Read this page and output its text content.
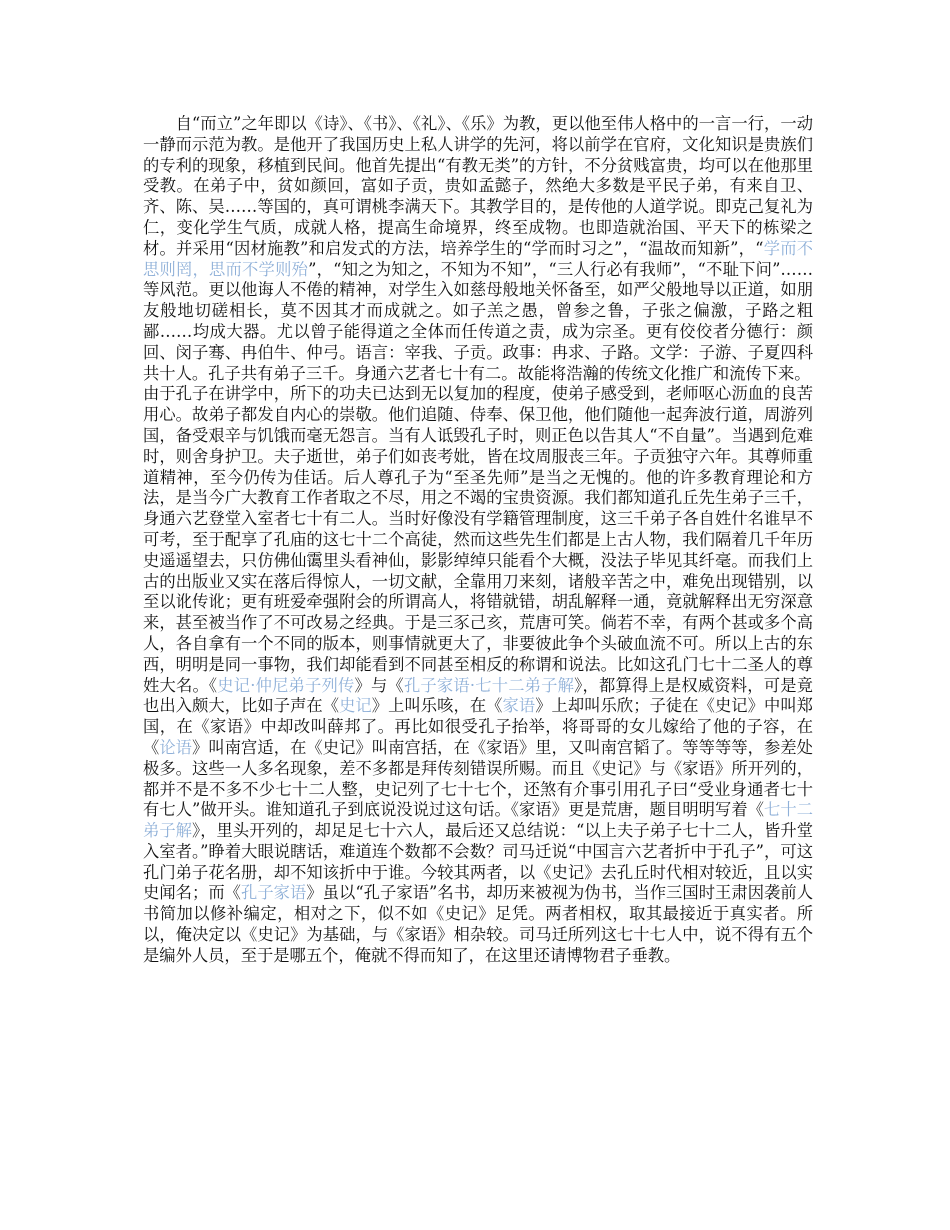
自“而立”之年即以《诗》、《书》、《礼》、《乐》为教，更以他至伟人格中的一言一行，一动一静而示范为教。是他开了我国历史上私人讲学的先河，将以前学在官府，文化知识是贵族们的专利的现象，移植到民间。他首先提出“有教无类”的方针，不分贫贱富贵，均可以在他那里受教。在弟子中，贫如颜回，富如子贡，贵如孟懿子，然绝大多数是平民子弟，有来自卫、齐、陈、吴……等国的，真可谓桃李满天下。其教学目的，是传他的人道学说。即克己复礼为仁，变化学生气质，成就人格，提高生命境界，终至成物。也即造就治国、平天下的栋梁之材。并采用“因材施教”和启发式的方法，培养学生的“学而时习之”，“温故而知新”，“学而不思则罔，思而不学则殆”，“知之为知之，不知为不知”，“三人行必有我师”，“不耻下问”……等风范。更以他诲人不倦的精神，对学生入如慈母般地关怀备至，如严父般地导以正道，如朋友般地切磋相长，莫不因其才而成就之。如子羔之愚，曾参之鲁，子张之偏激，子路之粗鄙……均成大器。尤以曾子能得道之全体而任传道之责，成为宗圣。更有佼佼者分德行：颜回、闵子骞、冉伯牛、仲弓。语言：宰我、子贡。政事：冉求、子路。文学：子游、子夏四科共十人。孔子共有弟子三千。身通六艺者七十有二。故能将浩瀚的传统文化推广和流传下来。

由于孔子在讲学中，所下的功夫已达到无以复加的程度，使弟子感受到，老师呕心沥血的良苦用心。故弟子都发自内心的崇敬。他们追随、侍奉、保卫他，他们随他一起奔波行道，周游列国，备受艰辛与饥饿而毫无怨言。当有人诋毁孔子时，则正色以告其人“不自量”。当遇到危难时，则舍身护卫。夫子逝世，弟子们如丧考妣，皆在坟周服丧三年。子贡独守六年。其尊师重道精神，至今仍传为佳话。后人尊孔子为“至圣先师”是当之无愧的。他的许多教育理论和方法，是当今广大教育工作者取之不尽，用之不竭的宝贵资源。我们都知道孔丘先生弟子三千，身通六艺登堂入室者七十有二人。当时好像没有学籍管理制度，这三千弟子各自姓什名谁早不可考，至于配享了孔庙的这七十二个高徒，然而这些先生们都是上古人物，我们隔着几千年历史遥遥望去，只仿佛仙霭里头看神仙，影影绰绰只能看个大概，没法子毕见其纤毫。而我们上古的出版业又实在落后得惊人，一切文献，全靠用刀来刻，诸般辛苦之中，难免出现错别，以至以讹传讹；更有班爱牵强附会的所谓高人，将错就错，胡乱解释一通，竟就解释出无穷深意来，甚至被当作了不可改易之经典。于是三豕己亥，荒唐可笑。倘若不幸，有两个甚或多个高人，各自拿有一个不同的版本，则事情就更大了，非要彼此争个头破血流不可。所以上古的东西，明明是同一事物，我们却能看到不同甚至相反的称谓和说法。比如这孔门七十二圣人的尊姓大名。《史记·仲尼弟子列传》与《孔子家语·七十二弟子解》，都算得上是权威资料，可是竟也出入颇大，比如子声在《史记》上叫乐咳，在《家语》上却叫乐欣；子徒在《史记》中叫郑国，在《家语》中却改叫薛邦了。再比如很受孔子抬举，将哥哥的女儿嫁给了他的子容，在《论语》叫南宫适，在《史记》叫南宫括，在《家语》里，又叫南宫韬了。等等等等，参差处极多。这些一人多名现象，差不多都是拜传刻错误所赐。而且《史记》与《家语》所开列的，都并不是不多不少七十二人整，史记列了七十七个，还煞有介事引用孔子曰“受业身通者七十有七人”做开头。谁知道孔子到底说没说过这句话。《家语》更是荒唐，题目明明写着《七十二弟子解》，里头开列的，却足足七十六人，最后还又总结说：“以上夫子弟子七十二人，皆升堂入室者。”睁着大眼说瞎话，难道连个数都不会数？司马迁说“中国言六艺者折中于孔子”，可这孔门弟子花名册，却不知该折中于谁。今较其两者，以《史记》去孔丘时代相对较近，且以实史闻名；而《孔子家语》虽以“孔子家语”名书，却历来被视为伪书，当作三国时王肃因袭前人书简加以修补编定，相对之下，似不如《史记》足凭。两者相权，取其最接近于真实者。所以，俺决定以《史记》为基础，与《家语》相杂较。司马迁所列这七十七人中，说不得有五个是编外人员，至于是哪五个，俺就不得而知了，在这里还请博物君子垂教。
